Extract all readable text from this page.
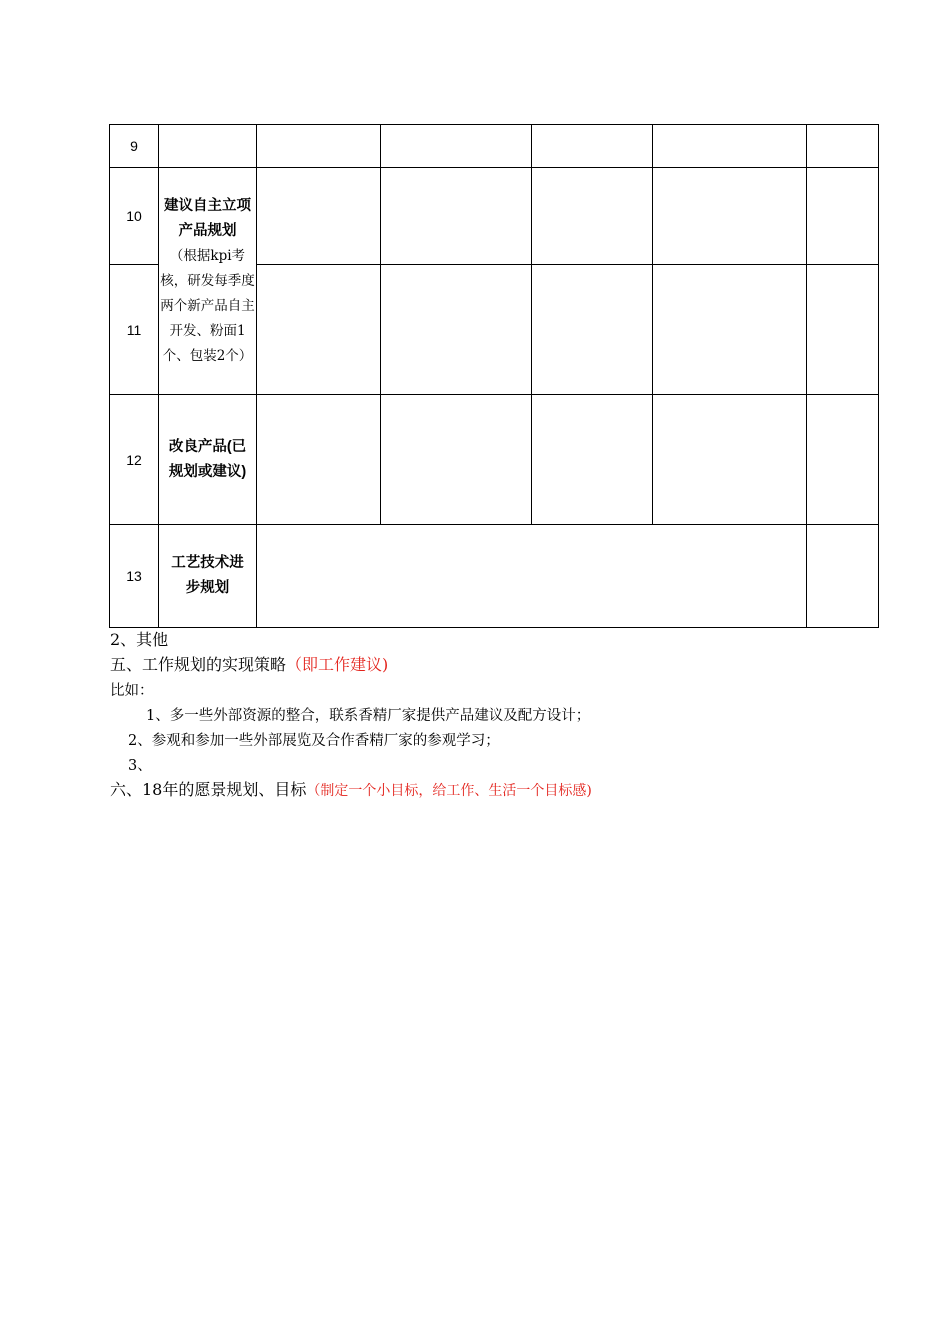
9						
10	建议自主立项产品规划
（根据kpi考核，研发每季度两个新产品自主开发、粉面1个、包装2个）					

11						
12	改良产品(已规划或建议)					
13	工艺技术进步规划					
2、其他
五、工作规划的实现策略（即工作建议)
比如：
1、多一些外部资源的整合，联系香精厂家提供产品建议及配方设计；
2、参观和参加一些外部展览及合作香精厂家的参观学习；
3、
六、18年的愿景规划、目标（制定一个小目标，给工作、生活一个目标感)
